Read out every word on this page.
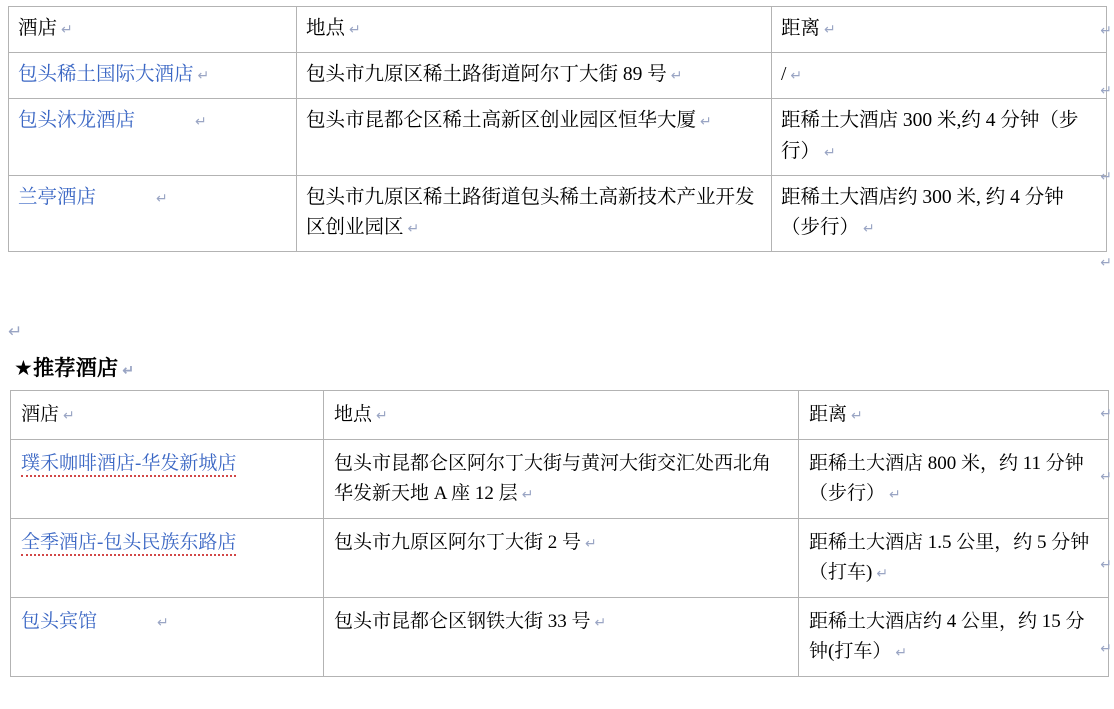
酒店 ↵	地点 ↵	距离 ↵
包头稀土国际大酒店 ↵	包头市九原区稀土路街道阿尔丁大街 89 号 ↵	/ ↵
包头沐龙酒店 ↵	包头市昆都仑区稀土高新区创业园区恒华大厦 ↵	距稀土大酒店 300 米,约 4 分钟（步行） ↵
兰亭酒店 ↵	包头市九原区稀土路街道包头稀土高新技术产业开发区创业园区 ↵	距稀土大酒店约 300 米, 约 4 分钟（步行） ↵
↵
★推荐酒店 ↵
酒店 ↵	地点 ↵	距离 ↵
璞禾咖啡酒店-华发新城店	包头市昆都仑区阿尔丁大街与黄河大街交汇处西北角华发新天地 A 座 12 层 ↵	距稀土大酒店 800 米，约 11 分钟（步行） ↵
全季酒店-包头民族东路店	包头市九原区阿尔丁大街 2 号 ↵	距稀土大酒店 1.5 公里，约 5 分钟（打车) ↵
包头宾馆 ↵	包头市昆都仑区钢铁大街 33 号 ↵	距稀土大酒店约 4 公里，约 15 分钟(打车） ↵
↵
↵
↵
↵
↵
↵
↵
↵
